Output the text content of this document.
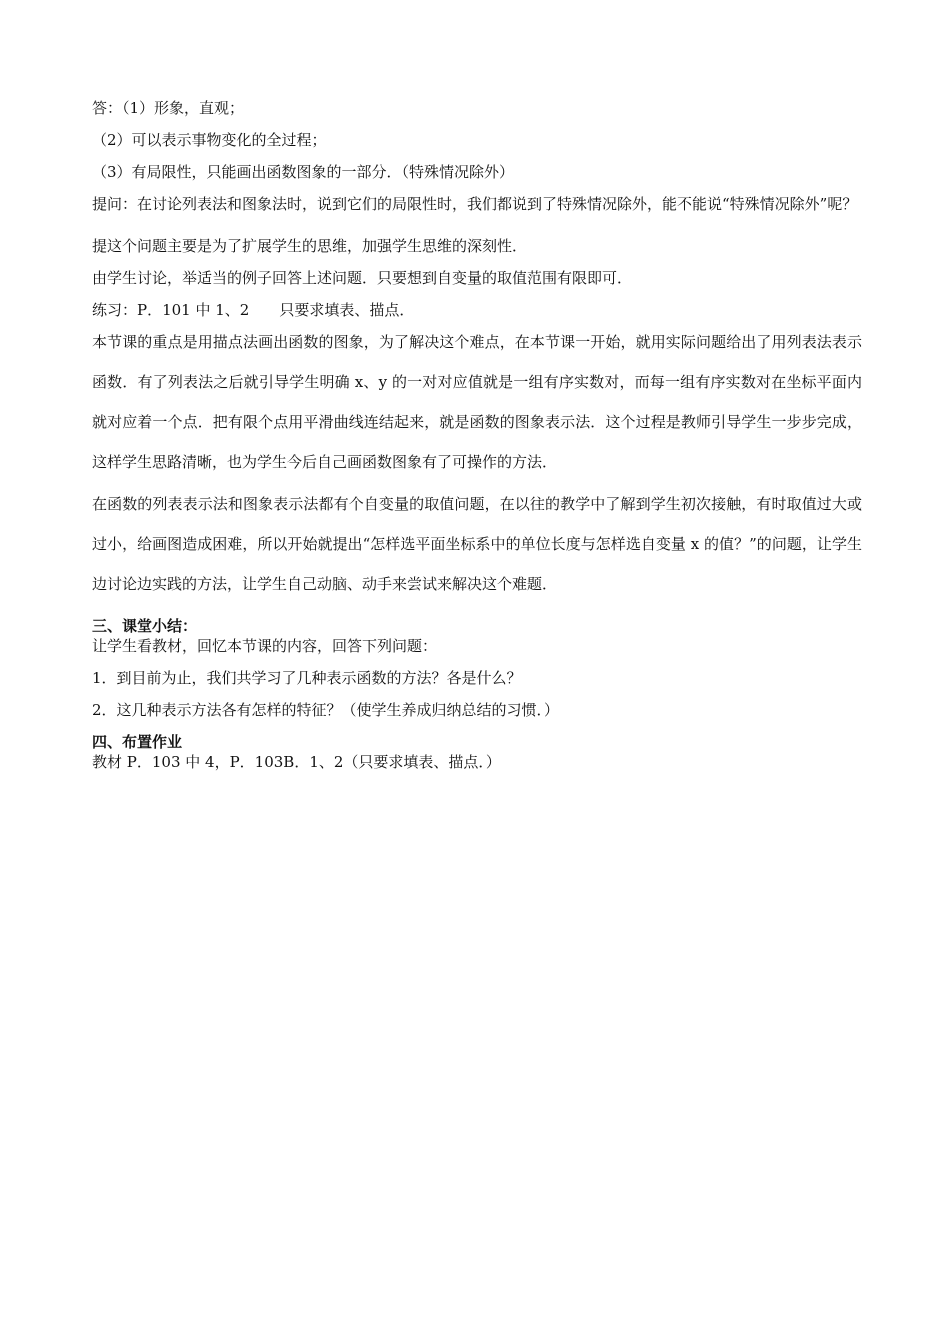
答：（1）形象，直观；

（2）可以表示事物变化的全过程；

（3）有局限性，只能画出函数图象的一部分．（特殊情况除外）

提问：在讨论列表法和图象法时，说到它们的局限性时，我们都说到了特殊情况除外，能不能说“特殊情况除外”呢？

提这个问题主要是为了扩展学生的思维，加强学生思维的深刻性．

由学生讨论，举适当的例子回答上述问题．只要想到自变量的取值范围有限即可．

练习：P．101 中 1、2　　只要求填表、描点．

本节课的重点是用描点法画出函数的图象，为了解决这个难点，在本节课一开始，就用实际问题给出了用列表法表示函数．有了列表法之后就引导学生明确 x、y 的一对对应值就是一组有序实数对，而每一组有序实数对在坐标平面内就对应着一个点．把有限个点用平滑曲线连结起来，就是函数的图象表示法．这个过程是教师引导学生一步步完成，这样学生思路清晰，也为学生今后自己画函数图象有了可操作的方法．

在函数的列表表示法和图象表示法都有个自变量的取值问题，在以往的教学中了解到学生初次接触，有时取值过大或过小，给画图造成困难，所以开始就提出“怎样选平面坐标系中的单位长度与怎样选自变量 x 的值？”的问题，让学生边讨论边实践的方法，让学生自己动脑、动手来尝试来解决这个难题．

三、课堂小结：

让学生看教材，回忆本节课的内容，回答下列问题：

1．到目前为止，我们共学习了几种表示函数的方法？各是什么？

2．这几种表示方法各有怎样的特征？（使学生养成归纳总结的习惯．）

四、布置作业

教材 P．103 中 4，P．103B．1、2（只要求填表、描点．）
